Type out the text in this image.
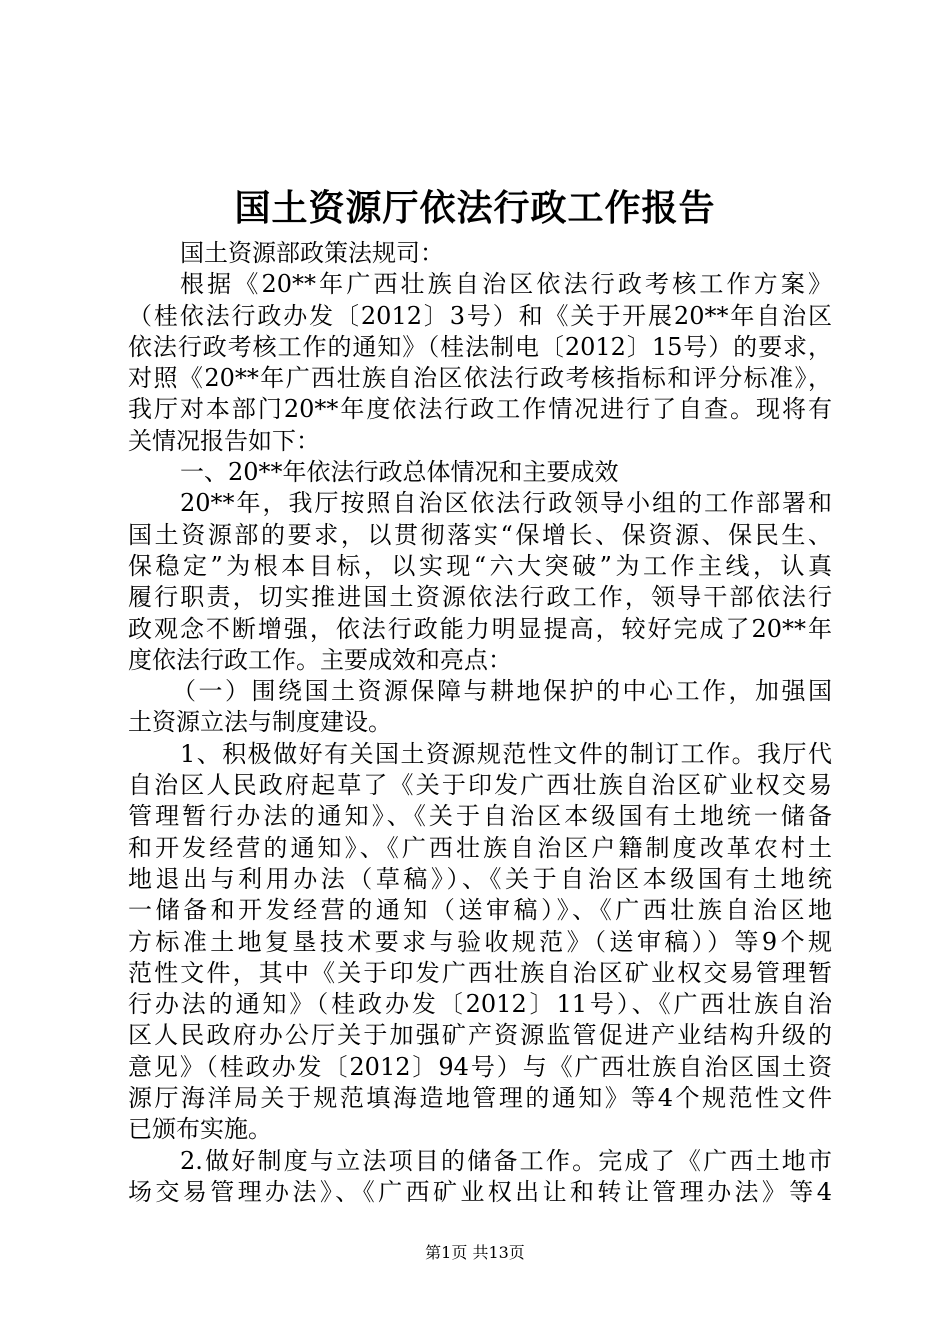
国土资源厅依法行政工作报告
国土资源部政策法规司：
根据《20**年广西壮族自治区依法行政考核工作方案》
（桂依法行政办发〔2012〕3号）和《关于开展20**年自治区
依法行政考核工作的通知》（桂法制电〔2012〕15号）的要求，
对照《20**年广西壮族自治区依法行政考核指标和评分标准》，
我厅对本部门20**年度依法行政工作情况进行了自查。现将有
关情况报告如下：
一、20**年依法行政总体情况和主要成效
20**年，我厅按照自治区依法行政领导小组的工作部署和
国土资源部的要求，以贯彻落实“保增长、保资源、保民生、
保稳定”为根本目标，以实现“六大突破”为工作主线，认真
履行职责，切实推进国土资源依法行政工作，领导干部依法行
政观念不断增强，依法行政能力明显提高，较好完成了20**年
度依法行政工作。主要成效和亮点：
（一）围绕国土资源保障与耕地保护的中心工作，加强国
土资源立法与制度建设。
1、积极做好有关国土资源规范性文件的制订工作。我厅代
自治区人民政府起草了《关于印发广西壮族自治区矿业权交易
管理暂行办法的通知》、《关于自治区本级国有土地统一储备
和开发经营的通知》、《广西壮族自治区户籍制度改革农村土
地退出与利用办法（草稿》）、《关于自治区本级国有土地统
一储备和开发经营的通知（送审稿）》、《广西壮族自治区地
方标准土地复垦技术要求与验收规范》（送审稿））等9个规
范性文件，其中《关于印发广西壮族自治区矿业权交易管理暂
行办法的通知》（桂政办发〔2012〕11号）、《广西壮族自治
区人民政府办公厅关于加强矿产资源监管促进产业结构升级的
意见》（桂政办发〔2012〕94号）与《广西壮族自治区国土资
源厅海洋局关于规范填海造地管理的通知》等4个规范性文件
已颁布实施。
2.做好制度与立法项目的储备工作。完成了《广西土地市
场交易管理办法》、《广西矿业权出让和转让管理办法》等4
第1页 共13页
